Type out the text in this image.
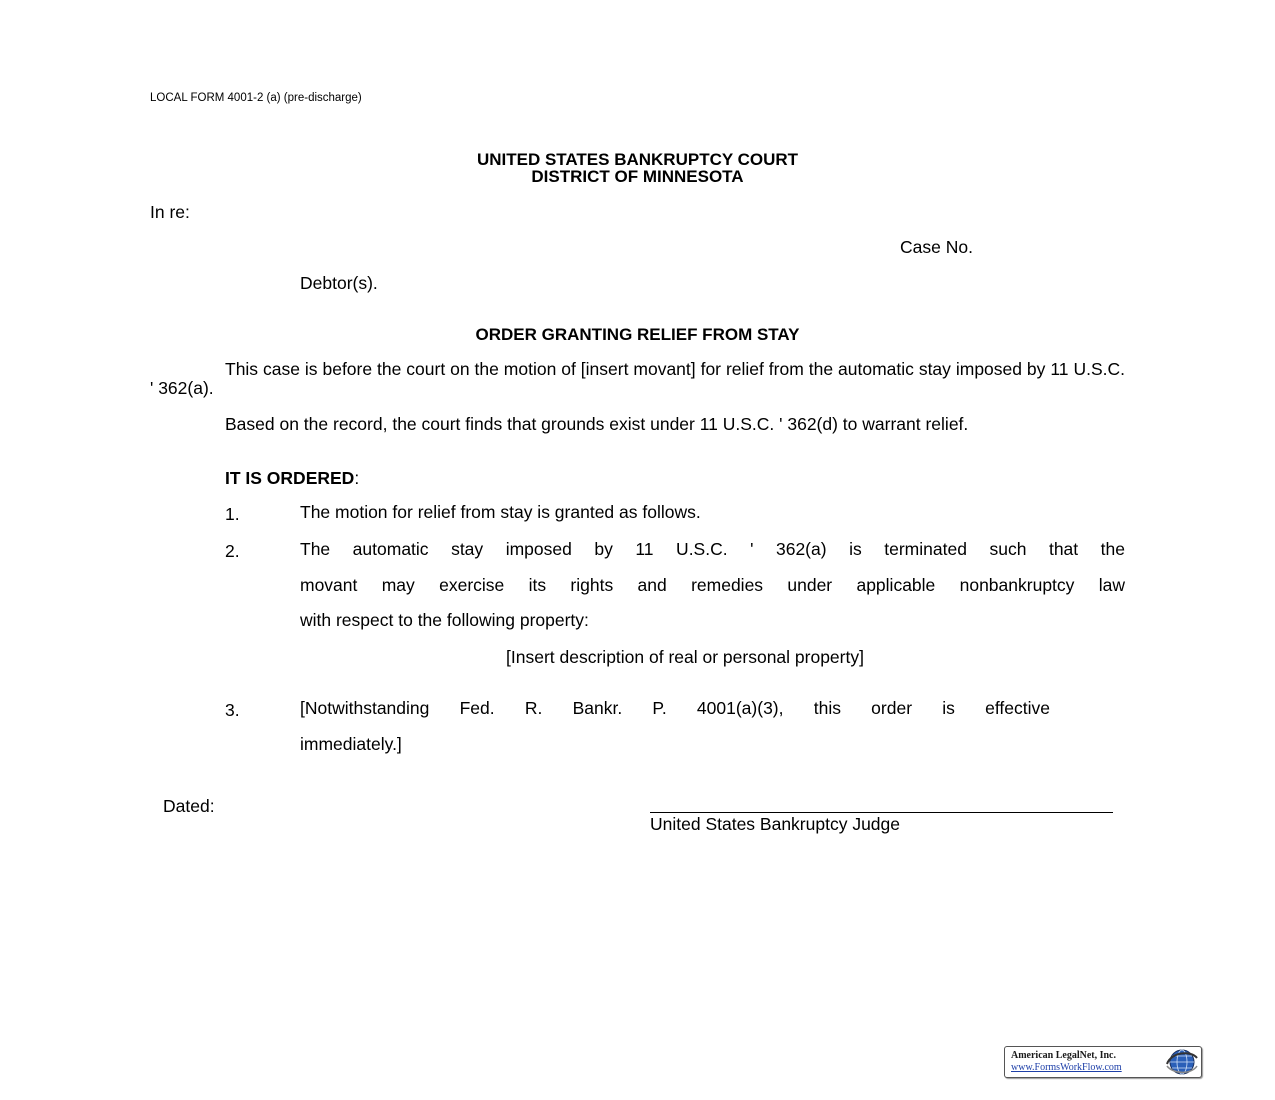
LOCAL FORM 4001-2 (a) (pre-discharge)
UNITED STATES BANKRUPTCY COURT
DISTRICT OF MINNESOTA
In re:
Case No.
Debtor(s).
ORDER GRANTING RELIEF FROM STAY
This case is before the court on the motion of [insert movant] for relief from the automatic stay imposed by 11 U.S.C. ' 362(a).
Based on the record, the court finds that grounds exist under 11 U.S.C. ' 362(d) to warrant relief.
IT IS ORDERED:
1.	The motion for relief from stay is granted as follows.
2.	The automatic stay imposed by 11 U.S.C. ' 362(a) is terminated such that the
movant may exercise its rights and remedies under applicable nonbankruptcy law
with respect to the following property:
[Insert description of real or personal property]
3.	[Notwithstanding Fed. R. Bankr. P. 4001(a)(3), this order is effective
immediately.]
Dated:
United States Bankruptcy Judge
American LegalNet, Inc.
www.FormsWorkFlow.com
